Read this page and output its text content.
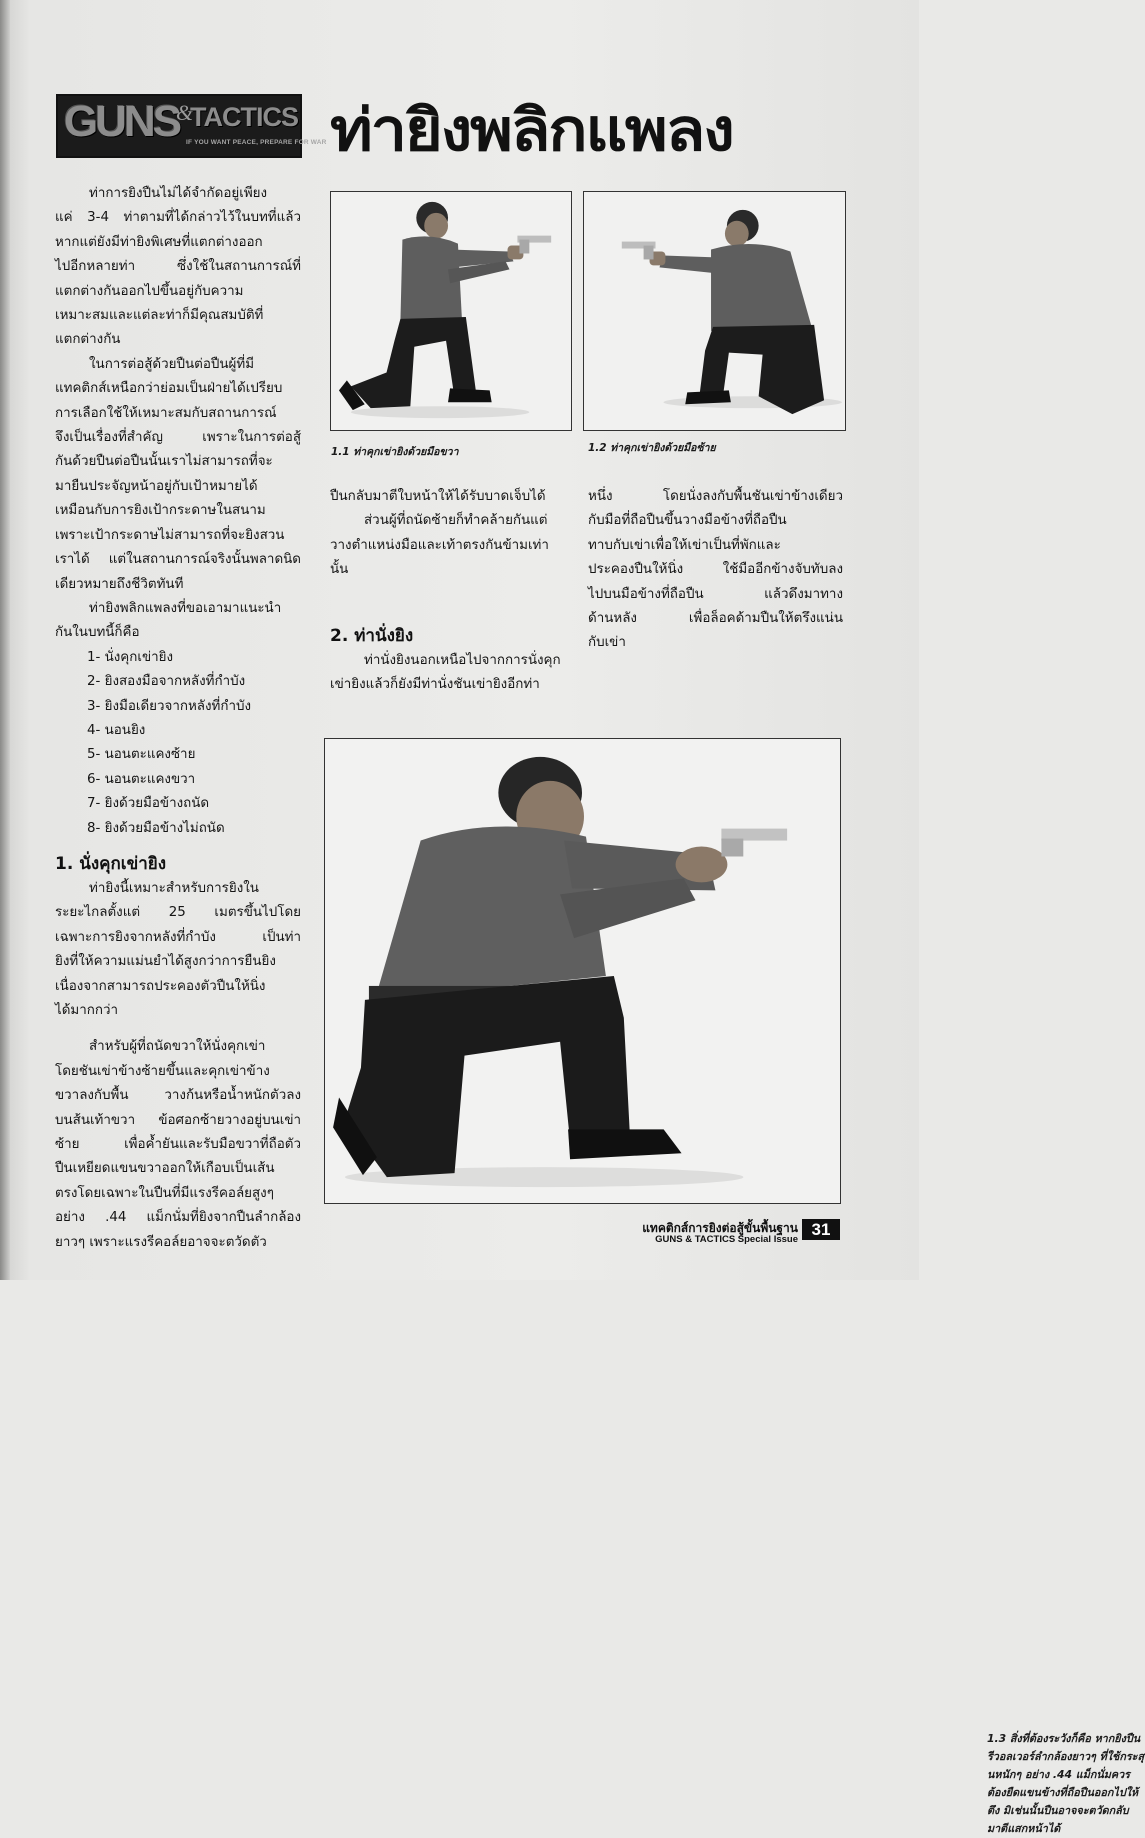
GUNS
&
TACTICS
IF YOU WANT PEACE, PREPARE FOR WAR ท่ายิงพลิกแพลง

ท่าการยิงปืนไม่ได้จำกัดอยู่เพียง

แค่ 3-4 ท่าตามที่ได้กล่าวไว้ในบทที่แล้ว

หากแต่ยังมีท่ายิงพิเศษที่แตกต่างออก

ไปอีกหลายท่า ซึ่งใช้ในสถานการณ์ที่

แตกต่างกันออกไปขึ้นอยู่กับความ

เหมาะสมและแต่ละท่าก็มีคุณสมบัติที่

แตกต่างกัน

ในการต่อสู้ด้วยปืนต่อปืนผู้ที่มี

แทคติกส์เหนือกว่าย่อมเป็นฝ่ายได้เปรียบ

การเลือกใช้ให้เหมาะสมกับสถานการณ์

จึงเป็นเรื่องที่สำคัญ เพราะในการต่อสู้

กันด้วยปืนต่อปืนนั้นเราไม่สามารถที่จะ

มายืนประจัญหน้าอยู่กับเป้าหมายได้

เหมือนกับการยิงเป้ากระดาษในสนาม

เพราะเป้ากระดาษไม่สามารถที่จะยิงสวน

เราได้ แต่ในสถานการณ์จริงนั้นพลาดนิด

เดียวหมายถึงชีวิตทันที

ท่ายิงพลิกแพลงที่ขอเอามาแนะนำ

กันในบทนี้ก็คือ

1- นั่งคุกเข่ายิง
2- ยิงสองมือจากหลังที่กำบัง
3- ยิงมือเดียวจากหลังที่กำบัง
4- นอนยิง
5- นอนตะแคงซ้าย
6- นอนตะแคงขวา
7- ยิงด้วยมือข้างถนัด
8- ยิงด้วยมือข้างไม่ถนัด

1. นั่งคุกเข่ายิง

ท่ายิงนี้เหมาะสำหรับการยิงใน

ระยะไกลตั้งแต่ 25 เมตรขึ้นไปโดย

เฉพาะการยิงจากหลังที่กำบัง เป็นท่า

ยิงที่ให้ความแม่นยำได้สูงกว่าการยืนยิง

เนื่องจากสามารถประคองตัวปืนให้นิ่ง

ได้มากกว่า

สำหรับผู้ที่ถนัดขวาให้นั่งคุกเข่า

โดยชันเข่าข้างซ้ายขึ้นและคุกเข่าข้าง

ขวาลงกับพื้น วางก้นหรือน้ำหนักตัวลง

บนส้นเท้าขวา ข้อศอกซ้ายวางอยู่บนเข่า

ซ้าย เพื่อค้ำยันและรับมือขวาที่ถือตัว

ปืนเหยียดแขนขวาออกให้เกือบเป็นเส้น

ตรงโดยเฉพาะในปืนที่มีแรงรีคอล์ยสูงๆ

อย่าง .44 แม็กนั่มที่ยิงจากปืนลำกล้อง

ยาวๆ เพราะแรงรีคอล์ยอาจจะตวัดตัว

1.1 ท่าคุกเข่ายิงด้วยมือขวา	1.2 ท่าคุกเข่ายิงด้วยมือซ้าย

ปืนกลับมาตีใบหน้าให้ได้รับบาดเจ็บได้

ส่วนผู้ที่ถนัดซ้ายก็ทำคล้ายกันแต่

วางตำแหน่งมือและเท้าตรงกันข้ามเท่า

นั้น

2. ท่านั่งยิง

ท่านั่งยิงนอกเหนือไปจากการนั่งคุก

เข่ายิงแล้วก็ยังมีท่านั่งชันเข่ายิงอีกท่า

หนึ่ง โดยนั่งลงกับพื้นชันเข่าข้างเดียว

กับมือที่ถือปืนขึ้นวางมือข้างที่ถือปืน

ทาบกับเข่าเพื่อให้เข่าเป็นที่พักและ

ประคองปืนให้นิ่ง ใช้มืออีกข้างจับทับลง

ไปบนมือข้างที่ถือปืน แล้วดึงมาทาง

ด้านหลัง เพื่อล็อคด้ามปืนให้ตรึงแน่น

กับเข่า

1.3 สิ่งที่ต้องระวังก็คือ หากยิงปืนรีวอลเวอร์ลำกล้องยาวๆ ที่ใช้กระสุนหนักๆ อย่าง .44 แม็กนั่มควรต้องยืดแขนข้างที่ถือปืนออกไปให้ตึง มิเช่นนั้นปืนอาจจะตวัดกลับมาตีแสกหน้าได้
แทคติกส์การยิงต่อสู้ขั้นพื้นฐาน
GUNS & TACTICS Special Issue
31
